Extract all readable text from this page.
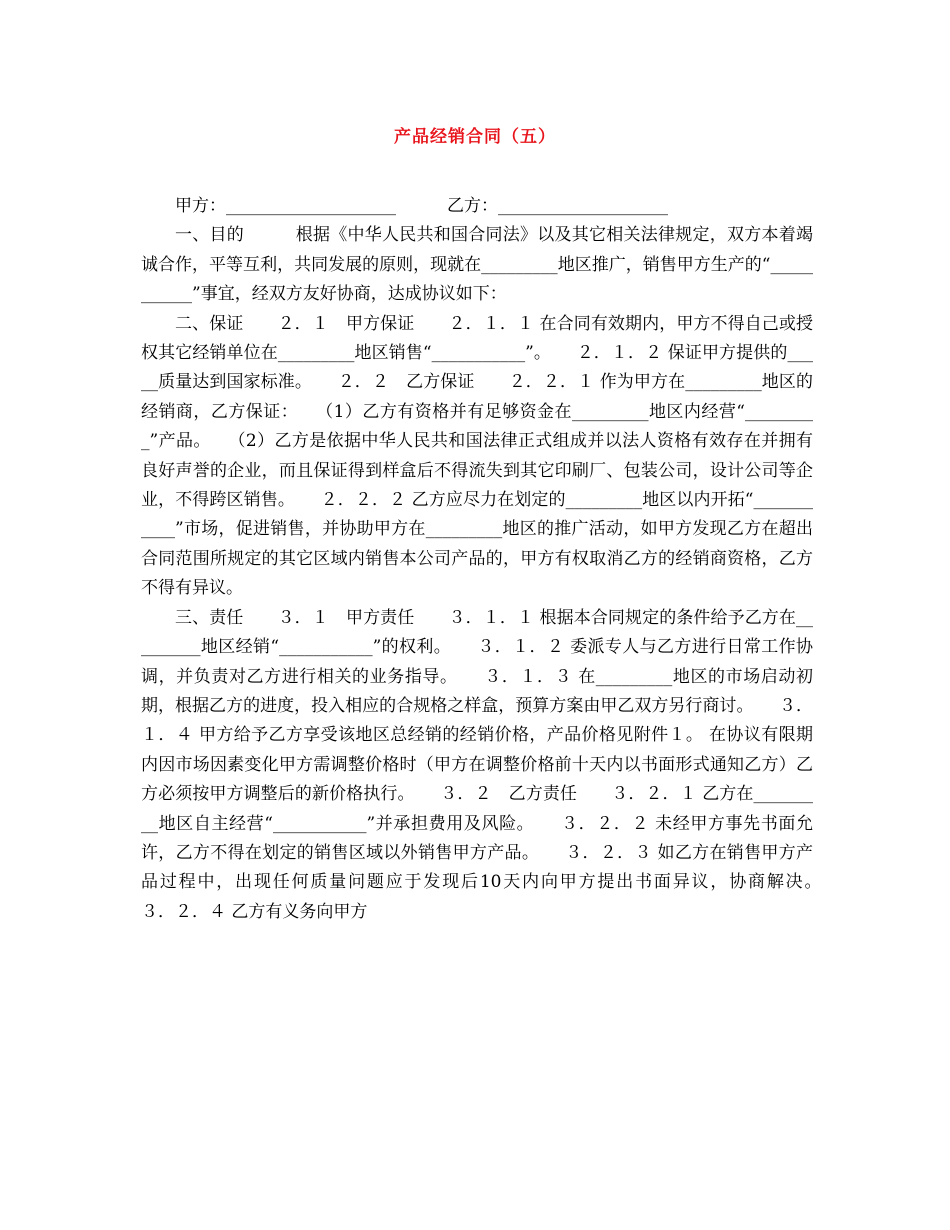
产品经销合同（五）

甲方：____________________　　　乙方：____________________

一、目的　　　根据《中华人民共和国合同法》以及其它相关法律规定，双方本着竭诚合作，平等互利，共同发展的原则，现就在_________地区推广，销售甲方生产的“___________”事宜，经双方友好协商，达成协议如下：

二、保证　　２．１　甲方保证　　２．１．１ 在合同有效期内，甲方不得自己或授权其它经销单位在_________地区销售“___________”。　　２．１．２ 保证甲方提供的_____质量达到国家标准。　　２．２　乙方保证　　２．２．１ 作为甲方在_________地区的经销商，乙方保证：　　（1）乙方有资格并有足够资金在_________地区内经营“_________”产品。　　（2）乙方是依据中华人民共和国法律正式组成并以法人资格有效存在并拥有良好声誉的企业，而且保证得到样盒后不得流失到其它印刷厂、包装公司，设计公司等企业，不得跨区销售。　　２．２．２ 乙方应尽力在划定的_________地区以内开拓“___________”市场，促进销售，并协助甲方在_________地区的推广活动，如甲方发现乙方在超出合同范围所规定的其它区域内销售本公司产品的，甲方有权取消乙方的经销商资格，乙方不得有异议。

三、责任　　３．１　甲方责任　　３．１．１ 根据本合同规定的条件给予乙方在_________地区经销“___________”的权利。　　３．１．２ 委派专人与乙方进行日常工作协调，并负责对乙方进行相关的业务指导。　　３．１．３ 在_________地区的市场启动初期，根据乙方的进度，投入相应的合规格之样盒，预算方案由甲乙双方另行商讨。　　３．１．４ 甲方给予乙方享受该地区总经销的经销价格，产品价格见附件１。 在协议有限期内因市场因素变化甲方需调整价格时（甲方在调整价格前十天内以书面形式通知乙方）乙方必须按甲方调整后的新价格执行。　　３．２　乙方责任　　３．２．１ 乙方在_________地区自主经营“___________”并承担费用及风险。　　３．２．２ 未经甲方事先书面允许，乙方不得在划定的销售区域以外销售甲方产品。　　３．２．３ 如乙方在销售甲方产品过程中，出现任何质量问题应于发现后10天内向甲方提出书面异议，协商解决。　　３．２．４ 乙方有义务向甲方
